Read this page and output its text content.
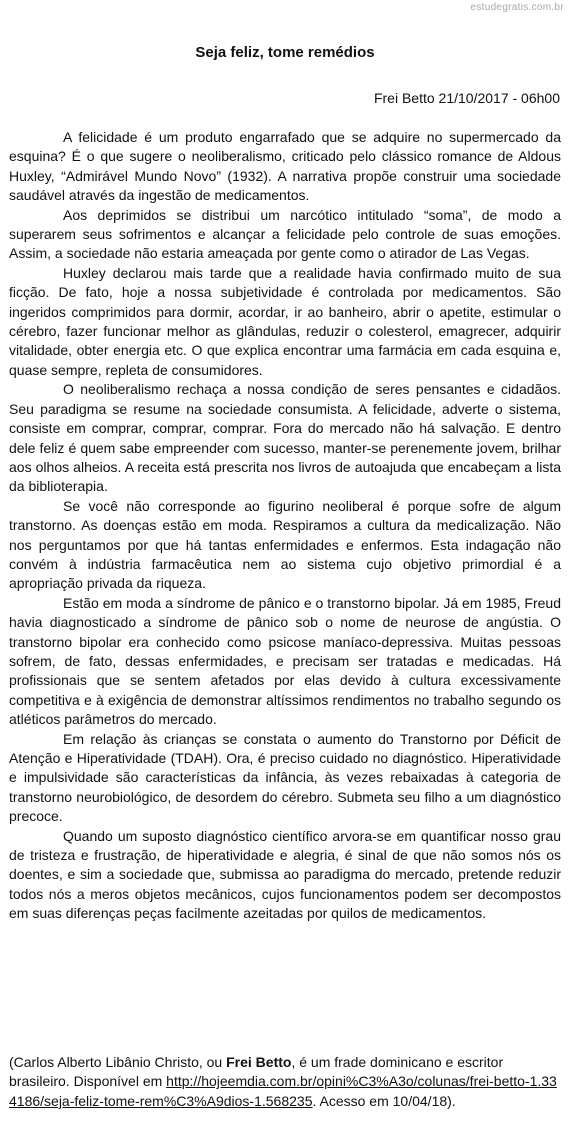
estudegratis.com.br
Seja feliz, tome remédios

Frei Betto 21/10/2017 - 06h00

A felicidade é um produto engarrafado que se adquire no supermercado da esquina? É o que sugere o neoliberalismo, criticado pelo clássico romance de Aldous Huxley, “Admirável Mundo Novo” (1932). A narrativa propõe construir uma sociedade saudável através da ingestão de medicamentos.

Aos deprimidos se distribui um narcótico intitulado “soma”, de modo a superarem seus sofrimentos e alcançar a felicidade pelo controle de suas emoções. Assim, a sociedade não estaria ameaçada por gente como o atirador de Las Vegas.

Huxley declarou mais tarde que a realidade havia confirmado muito de sua ficção. De fato, hoje a nossa subjetividade é controlada por medicamentos. São ingeridos comprimidos para dormir, acordar, ir ao banheiro, abrir o apetite, estimular o cérebro, fazer funcionar melhor as glândulas, reduzir o colesterol, emagrecer, adquirir vitalidade, obter energia etc. O que explica encontrar uma farmácia em cada esquina e, quase sempre, repleta de consumidores.

O neoliberalismo rechaça a nossa condição de seres pensantes e cidadãos. Seu paradigma se resume na sociedade consumista. A felicidade, adverte o sistema, consiste em comprar, comprar, comprar. Fora do mercado não há salvação. E dentro dele feliz é quem sabe empreender com sucesso, manter-se perenemente jovem, brilhar aos olhos alheios. A receita está prescrita nos livros de autoajuda que encabeçam a lista da biblioterapia.

Se você não corresponde ao figurino neoliberal é porque sofre de algum transtorno. As doenças estão em moda. Respiramos a cultura da medicalização. Não nos perguntamos por que há tantas enfermidades e enfermos. Esta indagação não convém à indústria farmacêutica nem ao sistema cujo objetivo primordial é a apropriação privada da riqueza.

Estão em moda a síndrome de pânico e o transtorno bipolar. Já em 1985, Freud havia diagnosticado a síndrome de pânico sob o nome de neurose de angústia. O transtorno bipolar era conhecido como psicose maníaco-depressiva. Muitas pessoas sofrem, de fato, dessas enfermidades, e precisam ser tratadas e medicadas. Há profissionais que se sentem afetados por elas devido à cultura excessivamente competitiva e à exigência de demonstrar altíssimos rendimentos no trabalho segundo os atléticos parâmetros do mercado.

Em relação às crianças se constata o aumento do Transtorno por Déficit de Atenção e Hiperatividade (TDAH). Ora, é preciso cuidado no diagnóstico. Hiperatividade e impulsividade são características da infância, às vezes rebaixadas à categoria de transtorno neurobiológico, de desordem do cérebro. Submeta seu filho a um diagnóstico precoce.

Quando um suposto diagnóstico científico arvora-se em quantificar nosso grau de tristeza e frustração, de hiperatividade e alegria, é sinal de que não somos nós os doentes, e sim a sociedade que, submissa ao paradigma do mercado, pretende reduzir todos nós a meros objetos mecânicos, cujos funcionamentos podem ser decompostos em suas diferenças peças facilmente azeitadas por quilos de medicamentos.

(Carlos Alberto Libânio Christo, ou Frei Betto, é um frade dominicano e escritor brasileiro. Disponível em http://hojeemdia.com.br/opini%C3%A3o/colunas/frei-betto-1.334186/seja-feliz-tome-rem%C3%A9dios-1.568235. Acesso em 10/04/18).
